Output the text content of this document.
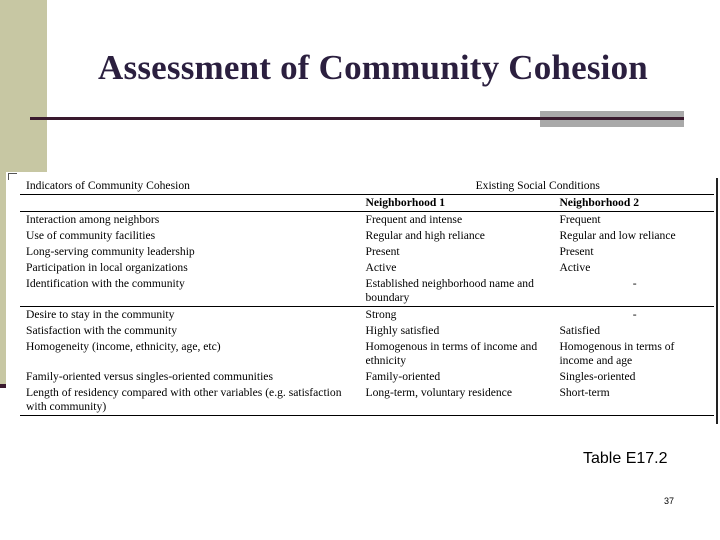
Assessment of Community Cohesion
Indicators of Community Cohesion	Existing Social Conditions	
	Neighborhood 1	Neighborhood 2
Interaction among neighbors	Frequent and intense	Frequent
Use of community facilities	Regular and high reliance	Regular and low reliance
Long-serving community leadership	Present	Present
Participation in local organizations	Active	Active
Identification with the community	Established neighborhood name and boundary	-
Desire to stay in the community	Strong	-
Satisfaction with the community	Highly satisfied	Satisfied
Homogeneity (income, ethnicity, age, etc)	Homogenous in terms of income and ethnicity	Homogenous in terms of income and age
Family-oriented versus singles-oriented communities	Family-oriented	Singles-oriented
Length of residency compared with other variables (e.g. satisfaction with community)	Long-term, voluntary residence	Short-term
Table E17.2
37
